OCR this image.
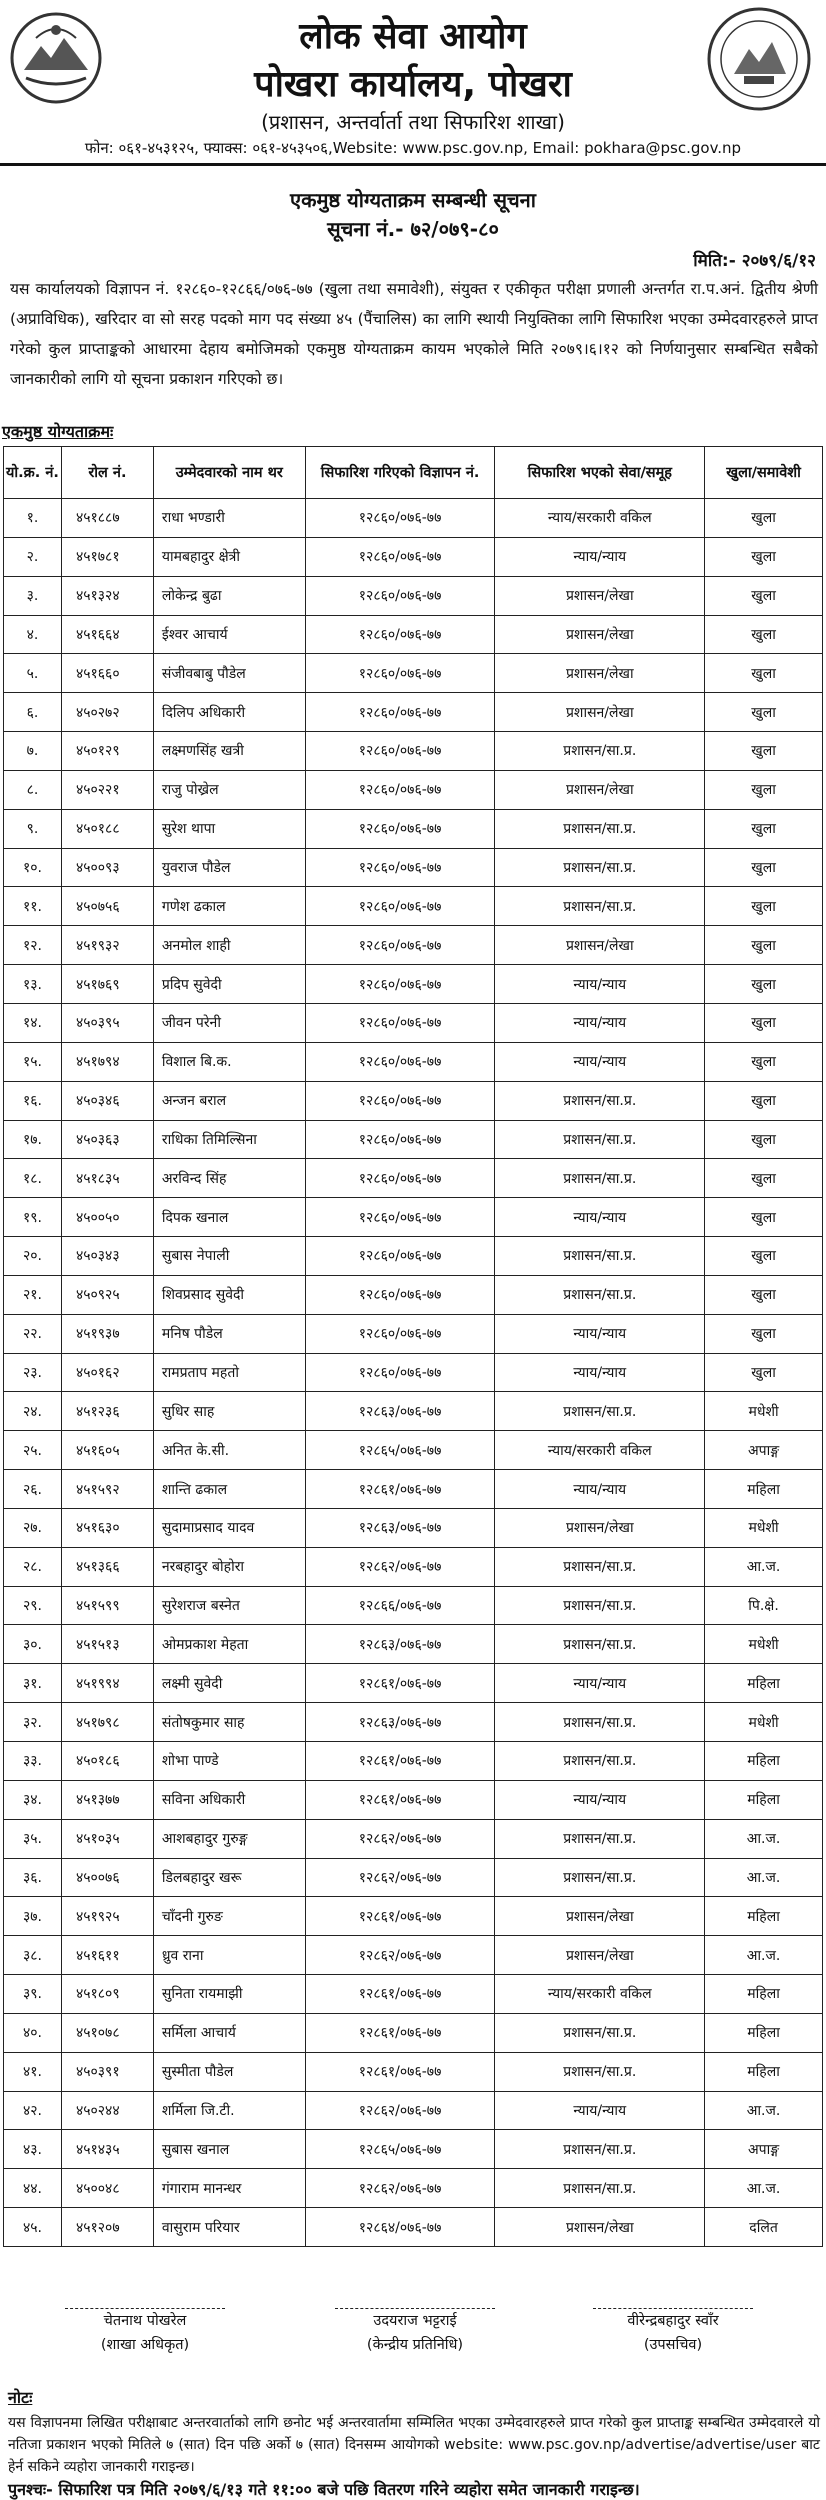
लोक सेवा आयोग
पोखरा कार्यालय, पोखरा
(प्रशासन, अन्तर्वार्ता तथा सिफारिश शाखा)
फोन: ०६१-४५३१२५, फ्याक्स: ०६१-४५३५०६,Website: www.psc.gov.np, Email: pokhara@psc.gov.np
एकमुष्ठ योग्यताक्रम सम्बन्धी सूचना
सूचना नं.- ७२/०७९-८०
मिति:- २०७९/६/१२
यस कार्यालयको विज्ञापन नं. १२८६०-१२८६६/०७६-७७ (खुला तथा समावेशी), संयुक्त र एकीकृत परीक्षा प्रणाली अन्तर्गत रा.प.अनं. द्वितीय श्रेणी (अप्राविधिक), खरिदार वा सो सरह पदको माग पद संख्या ४५ (पैंचालिस) का लागि स्थायी नियुक्तिका लागि सिफारिश भएका उम्मेदवारहरुले प्राप्त गरेको कुल प्राप्ताङ्कको आधारमा देहाय बमोजिमको एकमुष्ठ योग्यताक्रम कायम भएकोले मिति २०७९।६।१२ को निर्णयानुसार सम्बन्धित सबैको जानकारीको लागि यो सूचना प्रकाशन गरिएको छ।
एकमुष्ठ योग्यताक्रमः
यो.क्र. नं.	रोल नं.	उम्मेदवारको नाम थर	सिफारिश गरिएको विज्ञापन नं.	सिफारिश भएको सेवा/समूह	खुला/समावेशी
१.	४५१८८७	राधा भण्डारी	१२८६०/०७६-७७	न्याय/सरकारी वकिल	खुला
२.	४५१७८१	यामबहादुर क्षेत्री	१२८६०/०७६-७७	न्याय/न्याय	खुला
३.	४५१३२४	लोकेन्द्र बुढा	१२८६०/०७६-७७	प्रशासन/लेखा	खुला
४.	४५१६६४	ईश्वर आचार्य	१२८६०/०७६-७७	प्रशासन/लेखा	खुला
५.	४५१६६०	संजीवबाबु पौडेल	१२८६०/०७६-७७	प्रशासन/लेखा	खुला
६.	४५०२७२	दिलिप अधिकारी	१२८६०/०७६-७७	प्रशासन/लेखा	खुला
७.	४५०१२९	लक्ष्मणसिंह खत्री	१२८६०/०७६-७७	प्रशासन/सा.प्र.	खुला
८.	४५०२२१	राजु पोख्रेल	१२८६०/०७६-७७	प्रशासन/लेखा	खुला
९.	४५०१८८	सुरेश थापा	१२८६०/०७६-७७	प्रशासन/सा.प्र.	खुला
१०.	४५००९३	युवराज पौडेल	१२८६०/०७६-७७	प्रशासन/सा.प्र.	खुला
११.	४५०७५६	गणेश ढकाल	१२८६०/०७६-७७	प्रशासन/सा.प्र.	खुला
१२.	४५१९३२	अनमोल शाही	१२८६०/०७६-७७	प्रशासन/लेखा	खुला
१३.	४५१७६९	प्रदिप सुवेदी	१२८६०/०७६-७७	न्याय/न्याय	खुला
१४.	४५०३९५	जीवन परेनी	१२८६०/०७६-७७	न्याय/न्याय	खुला
१५.	४५१७९४	विशाल बि.क.	१२८६०/०७६-७७	न्याय/न्याय	खुला
१६.	४५०३४६	अन्जन बराल	१२८६०/०७६-७७	प्रशासन/सा.प्र.	खुला
१७.	४५०३६३	राधिका तिमिल्सिना	१२८६०/०७६-७७	प्रशासन/सा.प्र.	खुला
१८.	४५१८३५	अरविन्द सिंह	१२८६०/०७६-७७	प्रशासन/सा.प्र.	खुला
१९.	४५००५०	दिपक खनाल	१२८६०/०७६-७७	न्याय/न्याय	खुला
२०.	४५०३४३	सुबास नेपाली	१२८६०/०७६-७७	प्रशासन/सा.प्र.	खुला
२१.	४५०९२५	शिवप्रसाद सुवेदी	१२८६०/०७६-७७	प्रशासन/सा.प्र.	खुला
२२.	४५१९३७	मनिष पौडेल	१२८६०/०७६-७७	न्याय/न्याय	खुला
२३.	४५०१६२	रामप्रताप महतो	१२८६०/०७६-७७	न्याय/न्याय	खुला
२४.	४५१२३६	सुधिर साह	१२८६३/०७६-७७	प्रशासन/सा.प्र.	मधेशी
२५.	४५१६०५	अनित के.सी.	१२८६५/०७६-७७	न्याय/सरकारी वकिल	अपाङ्ग
२६.	४५१५९२	शान्ति ढकाल	१२८६१/०७६-७७	न्याय/न्याय	महिला
२७.	४५१६३०	सुदामाप्रसाद यादव	१२८६३/०७६-७७	प्रशासन/लेखा	मधेशी
२८.	४५१३६६	नरबहादुर बोहोरा	१२८६२/०७६-७७	प्रशासन/सा.प्र.	आ.ज.
२९.	४५१५९९	सुरेशराज बस्नेत	१२८६६/०७६-७७	प्रशासन/सा.प्र.	पि.क्षे.
३०.	४५१५१३	ओमप्रकाश मेहता	१२८६३/०७६-७७	प्रशासन/सा.प्र.	मधेशी
३१.	४५१९९४	लक्ष्मी सुवेदी	१२८६१/०७६-७७	न्याय/न्याय	महिला
३२.	४५१७९८	संतोषकुमार साह	१२८६३/०७६-७७	प्रशासन/सा.प्र.	मधेशी
३३.	४५०१८६	शोभा पाण्डे	१२८६१/०७६-७७	प्रशासन/सा.प्र.	महिला
३४.	४५१३७७	सविना अधिकारी	१२८६१/०७६-७७	न्याय/न्याय	महिला
३५.	४५१०३५	आशबहादुर गुरुङ्ग	१२८६२/०७६-७७	प्रशासन/सा.प्र.	आ.ज.
३६.	४५००७६	डिलबहादुर खरू	१२८६२/०७६-७७	प्रशासन/सा.प्र.	आ.ज.
३७.	४५१९२५	चाँदनी गुरुङ	१२८६१/०७६-७७	प्रशासन/लेखा	महिला
३८.	४५१६११	ध्रुव राना	१२८६२/०७६-७७	प्रशासन/लेखा	आ.ज.
३९.	४५१८०९	सुनिता रायमाझी	१२८६१/०७६-७७	न्याय/सरकारी वकिल	महिला
४०.	४५१०७८	सर्मिला आचार्य	१२८६१/०७६-७७	प्रशासन/सा.प्र.	महिला
४१.	४५०३९१	सुस्मीता पौडेल	१२८६१/०७६-७७	प्रशासन/सा.प्र.	महिला
४२.	४५०२४४	शर्मिला जि.टी.	१२८६२/०७६-७७	न्याय/न्याय	आ.ज.
४३.	४५१४३५	सुबास खनाल	१२८६५/०७६-७७	प्रशासन/सा.प्र.	अपाङ्ग
४४.	४५००४८	गंगाराम मानन्धर	१२८६२/०७६-७७	प्रशासन/सा.प्र.	आ.ज.
४५.	४५१२०७	वासुराम परियार	१२८६४/०७६-७७	प्रशासन/लेखा	दलित
चेतनाथ पोखरेल
(शाखा अधिकृत)
उदयराज भट्टराई
(केन्द्रीय प्रतिनिधि)
वीरेन्द्रबहादुर स्वाँर
(उपसचिव)
नोटः
यस विज्ञापनमा लिखित परीक्षाबाट अन्तरवार्ताको लागि छनोट भई अन्तरवार्तामा सम्मिलित भएका उम्मेदवारहरुले प्राप्त गरेको कुल प्राप्ताङ्क सम्बन्धित उम्मेदवारले यो नतिजा प्रकाशन भएको मितिले ७ (सात) दिन पछि अर्को ७ (सात) दिनसम्म आयोगको website: www.psc.gov.np/advertise/advertise/user बाट हेर्न सकिने व्यहोरा जानकारी गराइन्छ।
पुनश्चः- सिफारिश पत्र मिति २०७९/६/१३ गते ११:०० बजे पछि वितरण गरिने व्यहोरा समेत जानकारी गराइन्छ।
